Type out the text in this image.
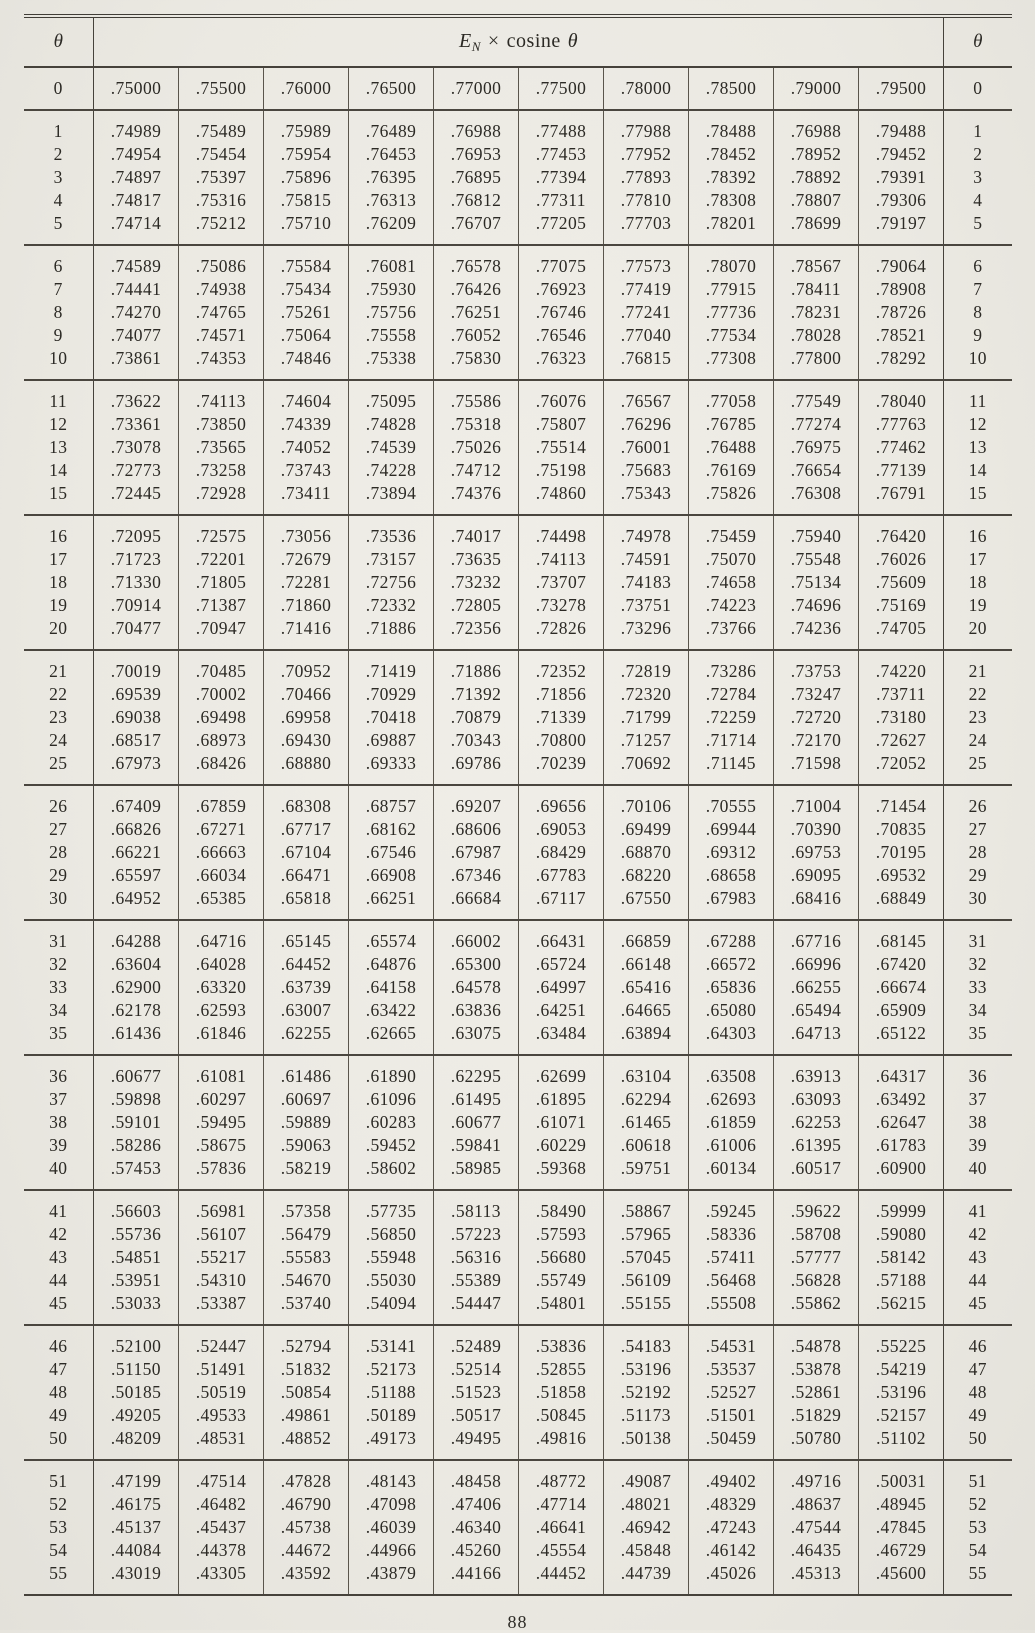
θ	$E_N \times cosine$ θ										θ
0	.75000	.75500	.76000	.76500	.77000	.77500	.78000	.78500	.79000	.79500	0
1	.74989	.75489	.75989	.76489	.76988	.77488	.77988	.78488	.76988	.79488	1
2	.74954	.75454	.75954	.76453	.76953	.77453	.77952	.78452	.78952	.79452	2
3	.74897	.75397	.75896	.76395	.76895	.77394	.77893	.78392	.78892	.79391	3
4	.74817	.75316	.75815	.76313	.76812	.77311	.77810	.78308	.78807	.79306	4
5	.74714	.75212	.75710	.76209	.76707	.77205	.77703	.78201	.78699	.79197	5
6	.74589	.75086	.75584	.76081	.76578	.77075	.77573	.78070	.78567	.79064	6
7	.74441	.74938	.75434	.75930	.76426	.76923	.77419	.77915	.78411	.78908	7
8	.74270	.74765	.75261	.75756	.76251	.76746	.77241	.77736	.78231	.78726	8
9	.74077	.74571	.75064	.75558	.76052	.76546	.77040	.77534	.78028	.78521	9
10	.73861	.74353	.74846	.75338	.75830	.76323	.76815	.77308	.77800	.78292	10
11	.73622	.74113	.74604	.75095	.75586	.76076	.76567	.77058	.77549	.78040	11
12	.73361	.73850	.74339	.74828	.75318	.75807	.76296	.76785	.77274	.77763	12
13	.73078	.73565	.74052	.74539	.75026	.75514	.76001	.76488	.76975	.77462	13
14	.72773	.73258	.73743	.74228	.74712	.75198	.75683	.76169	.76654	.77139	14
15	.72445	.72928	.73411	.73894	.74376	.74860	.75343	.75826	.76308	.76791	15
16	.72095	.72575	.73056	.73536	.74017	.74498	.74978	.75459	.75940	.76420	16
17	.71723	.72201	.72679	.73157	.73635	.74113	.74591	.75070	.75548	.76026	17
18	.71330	.71805	.72281	.72756	.73232	.73707	.74183	.74658	.75134	.75609	18
19	.70914	.71387	.71860	.72332	.72805	.73278	.73751	.74223	.74696	.75169	19
20	.70477	.70947	.71416	.71886	.72356	.72826	.73296	.73766	.74236	.74705	20
21	.70019	.70485	.70952	.71419	.71886	.72352	.72819	.73286	.73753	.74220	21
22	.69539	.70002	.70466	.70929	.71392	.71856	.72320	.72784	.73247	.73711	22
23	.69038	.69498	.69958	.70418	.70879	.71339	.71799	.72259	.72720	.73180	23
24	.68517	.68973	.69430	.69887	.70343	.70800	.71257	.71714	.72170	.72627	24
25	.67973	.68426	.68880	.69333	.69786	.70239	.70692	.71145	.71598	.72052	25
26	.67409	.67859	.68308	.68757	.69207	.69656	.70106	.70555	.71004	.71454	26
27	.66826	.67271	.67717	.68162	.68606	.69053	.69499	.69944	.70390	.70835	27
28	.66221	.66663	.67104	.67546	.67987	.68429	.68870	.69312	.69753	.70195	28
29	.65597	.66034	.66471	.66908	.67346	.67783	.68220	.68658	.69095	.69532	29
30	.64952	.65385	.65818	.66251	.66684	.67117	.67550	.67983	.68416	.68849	30
31	.64288	.64716	.65145	.65574	.66002	.66431	.66859	.67288	.67716	.68145	31
32	.63604	.64028	.64452	.64876	.65300	.65724	.66148	.66572	.66996	.67420	32
33	.62900	.63320	.63739	.64158	.64578	.64997	.65416	.65836	.66255	.66674	33
34	.62178	.62593	.63007	.63422	.63836	.64251	.64665	.65080	.65494	.65909	34
35	.61436	.61846	.62255	.62665	.63075	.63484	.63894	.64303	.64713	.65122	35
36	.60677	.61081	.61486	.61890	.62295	.62699	.63104	.63508	.63913	.64317	36
37	.59898	.60297	.60697	.61096	.61495	.61895	.62294	.62693	.63093	.63492	37
38	.59101	.59495	.59889	.60283	.60677	.61071	.61465	.61859	.62253	.62647	38
39	.58286	.58675	.59063	.59452	.59841	.60229	.60618	.61006	.61395	.61783	39
40	.57453	.57836	.58219	.58602	.58985	.59368	.59751	.60134	.60517	.60900	40
41	.56603	.56981	.57358	.57735	.58113	.58490	.58867	.59245	.59622	.59999	41
42	.55736	.56107	.56479	.56850	.57223	.57593	.57965	.58336	.58708	.59080	42
43	.54851	.55217	.55583	.55948	.56316	.56680	.57045	.57411	.57777	.58142	43
44	.53951	.54310	.54670	.55030	.55389	.55749	.56109	.56468	.56828	.57188	44
45	.53033	.53387	.53740	.54094	.54447	.54801	.55155	.55508	.55862	.56215	45
46	.52100	.52447	.52794	.53141	.52489	.53836	.54183	.54531	.54878	.55225	46
47	.51150	.51491	.51832	.52173	.52514	.52855	.53196	.53537	.53878	.54219	47
48	.50185	.50519	.50854	.51188	.51523	.51858	.52192	.52527	.52861	.53196	48
49	.49205	.49533	.49861	.50189	.50517	.50845	.51173	.51501	.51829	.52157	49
50	.48209	.48531	.48852	.49173	.49495	.49816	.50138	.50459	.50780	.51102	50
51	.47199	.47514	.47828	.48143	.48458	.48772	.49087	.49402	.49716	.50031	51
52	.46175	.46482	.46790	.47098	.47406	.47714	.48021	.48329	.48637	.48945	52
53	.45137	.45437	.45738	.46039	.46340	.46641	.46942	.47243	.47544	.47845	53
54	.44084	.44378	.44672	.44966	.45260	.45554	.45848	.46142	.46435	.46729	54
55	.43019	.43305	.43592	.43879	.44166	.44452	.44739	.45026	.45313	.45600	55
88
